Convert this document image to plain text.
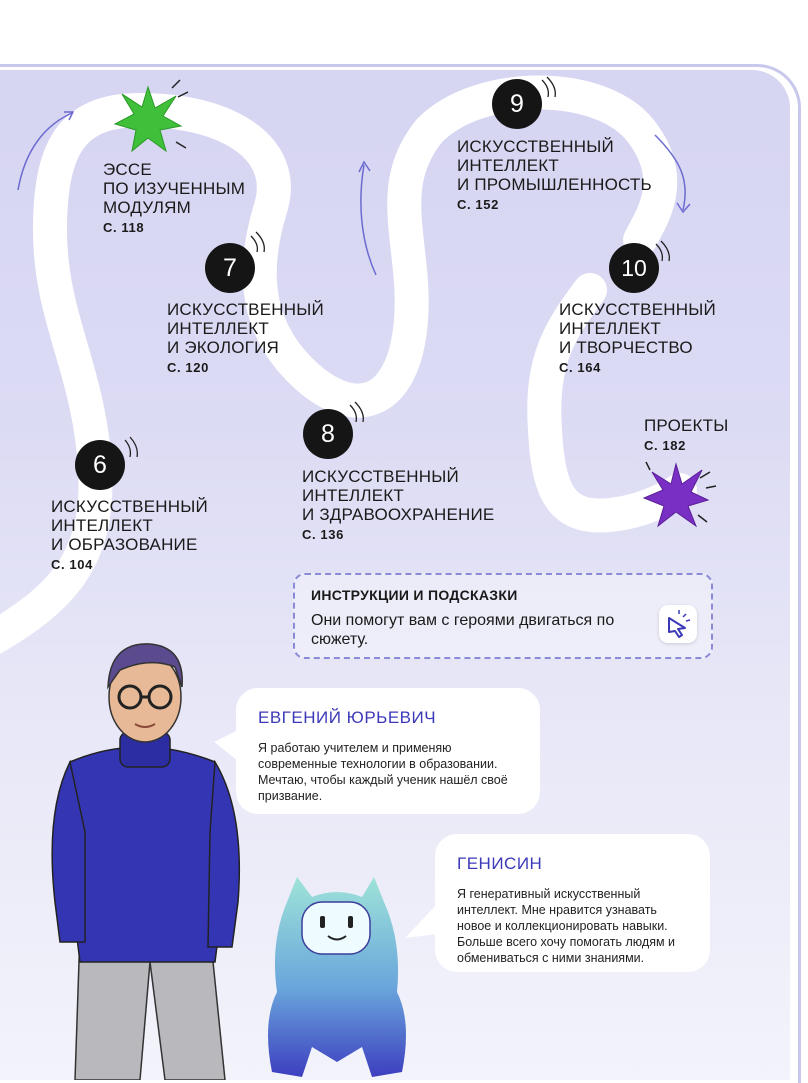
7
6
8
9
10
ЭССЕ
ПО ИЗУЧЕННЫМ
МОДУЛЯМ
С. 118
ИСКУССТВЕННЫЙ
ИНТЕЛЛЕКТ
И ЭКОЛОГИЯ
С. 120
ИСКУССТВЕННЫЙ
ИНТЕЛЛЕКТ
И ОБРАЗОВАНИЕ
С. 104
ИСКУССТВЕННЫЙ
ИНТЕЛЛЕКТ
И ЗДРАВООХРАНЕНИЕ
С. 136
ИСКУССТВЕННЫЙ
ИНТЕЛЛЕКТ
И ПРОМЫШЛЕННОСТЬ
С. 152
ИСКУССТВЕННЫЙ
ИНТЕЛЛЕКТ
И ТВОРЧЕСТВО
С. 164
ПРОЕКТЫ
С. 182
ИНСТРУКЦИИ И ПОДСКАЗКИ
Они помогут вам с героями двигаться по сюжету.
ЕВГЕНИЙ ЮРЬЕВИЧ
Я работаю учителем и применяю современные технологии в образовании. Мечтаю, чтобы каждый ученик нашёл своё призвание.
ГЕНИСИН
Я генеративный искусственный интеллект. Мне нравится узнавать новое и коллекционировать навыки. Больше всего хочу помогать людям и обмениваться с ними знаниями.
